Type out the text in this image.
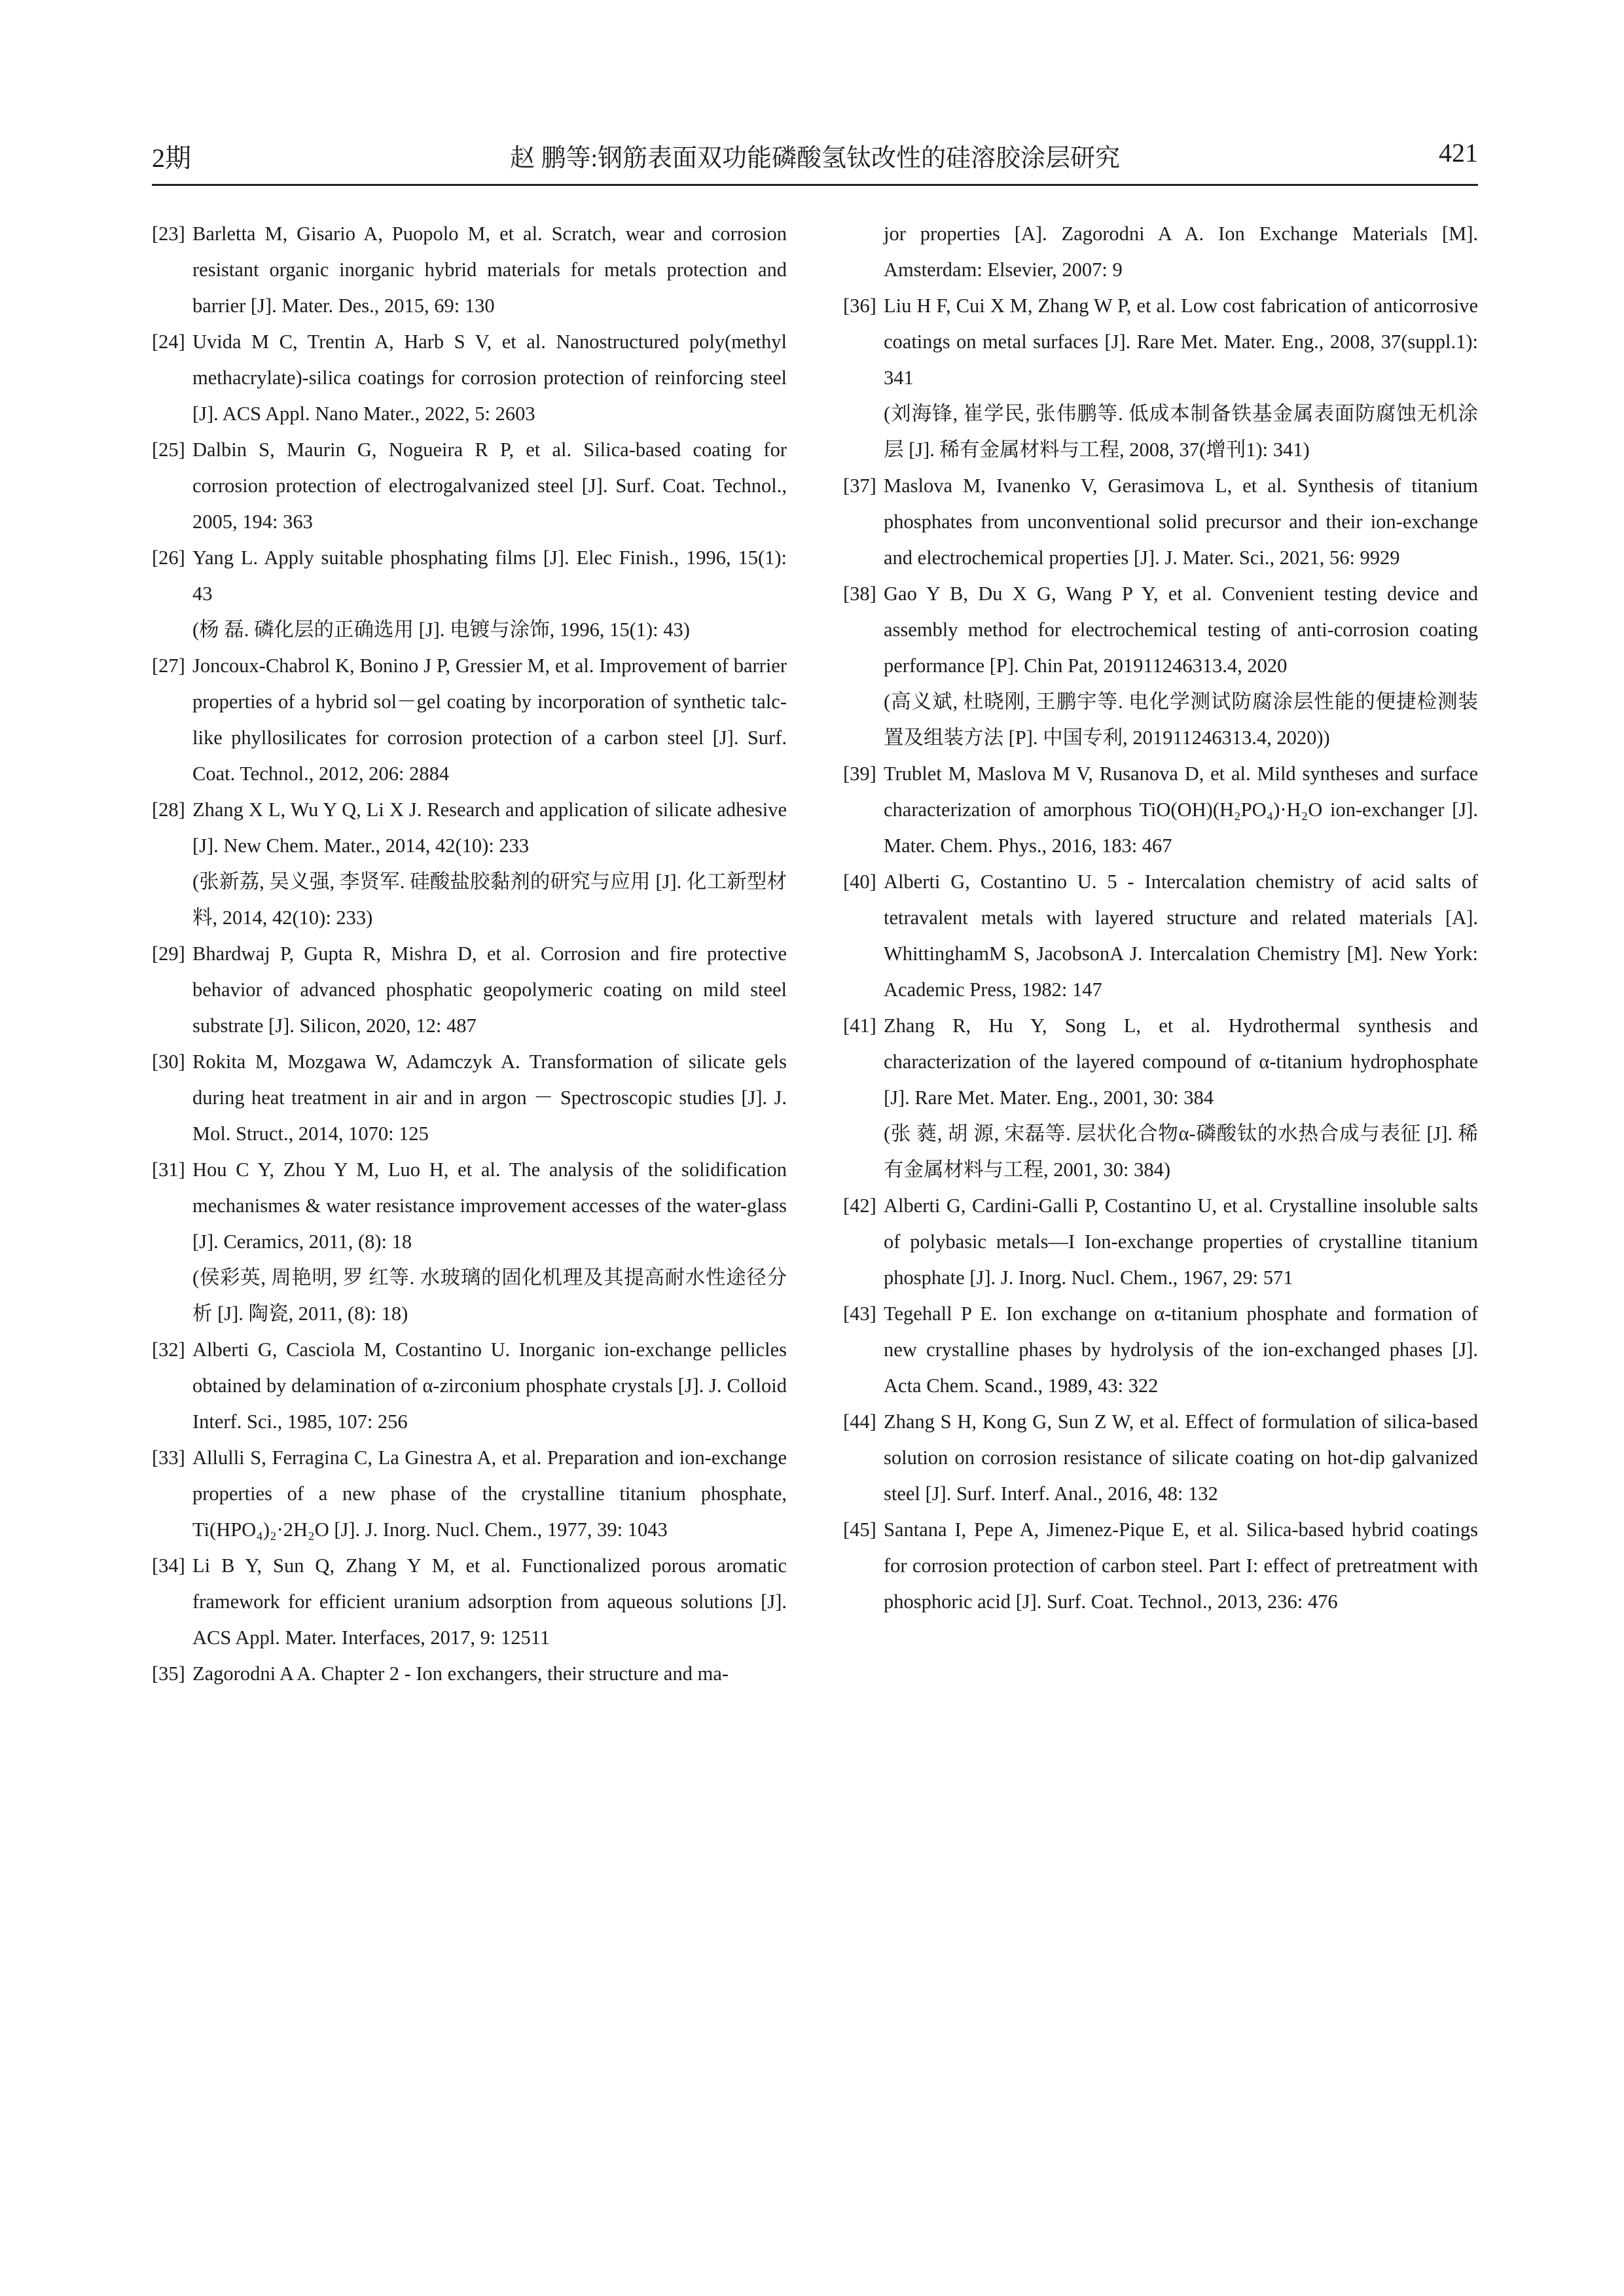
赵 鹏等:钢筋表面双功能磷酸氢钛改性的硅溶胶涂层研究
2期	421
[23] Barletta M, Gisario A, Puopolo M, et al. Scratch, wear and corrosion resistant organic inorganic hybrid materials for metals protection and barrier [J]. Mater. Des., 2015, 69: 130
[24] Uvida M C, Trentin A, Harb S V, et al. Nanostructured poly(methyl methacrylate)-silica coatings for corrosion protection of reinforcing steel [J]. ACS Appl. Nano Mater., 2022, 5: 2603
[25] Dalbin S, Maurin G, Nogueira R P, et al. Silica-based coating for corrosion protection of electrogalvanized steel [J]. Surf. Coat. Technol., 2005, 194: 363
[26] Yang L. Apply suitable phosphating films [J]. Elec Finish., 1996, 15(1): 43
(杨 磊. 磷化层的正确选用 [J]. 电镀与涂饰, 1996, 15(1): 43)
[27] Joncoux-Chabrol K, Bonino J P, Gressier M, et al. Improvement of barrier properties of a hybrid sol－gel coating by incorporation of synthetic talc-like phyllosilicates for corrosion protection of a carbon steel [J]. Surf. Coat. Technol., 2012, 206: 2884
[28] Zhang X L, Wu Y Q, Li X J. Research and application of silicate adhesive [J]. New Chem. Mater., 2014, 42(10): 233
(张新荔, 吴义强, 李贤军. 硅酸盐胶黏剂的研究与应用 [J]. 化工新型材料, 2014, 42(10): 233)
[29] Bhardwaj P, Gupta R, Mishra D, et al. Corrosion and fire protective behavior of advanced phosphatic geopolymeric coating on mild steel substrate [J]. Silicon, 2020, 12: 487
[30] Rokita M, Mozgawa W, Adamczyk A. Transformation of silicate gels during heat treatment in air and in argon － Spectroscopic studies [J]. J. Mol. Struct., 2014, 1070: 125
[31] Hou C Y, Zhou Y M, Luo H, et al. The analysis of the solidification mechanismes & water resistance improvement accesses of the water-glass [J]. Ceramics, 2011, (8): 18
(侯彩英, 周艳明, 罗 红等. 水玻璃的固化机理及其提高耐水性途径分析 [J]. 陶瓷, 2011, (8): 18)
[32] Alberti G, Casciola M, Costantino U. Inorganic ion-exchange pellicles obtained by delamination of α-zirconium phosphate crystals [J]. J. Colloid Interf. Sci., 1985, 107: 256
[33] Allulli S, Ferragina C, La Ginestra A, et al. Preparation and ion-exchange properties of a new phase of the crystalline titanium phosphate, Ti(HPO₄)₂·2H₂O [J]. J. Inorg. Nucl. Chem., 1977, 39: 1043
[34] Li B Y, Sun Q, Zhang Y M, et al. Functionalized porous aromatic framework for efficient uranium adsorption from aqueous solutions [J]. ACS Appl. Mater. Interfaces, 2017, 9: 12511
[35] Zagorodni A A. Chapter 2 - Ion exchangers, their structure and ma-
jor properties [A]. Zagorodni A A. Ion Exchange Materials [M]. Amsterdam: Elsevier, 2007: 9
[36] Liu H F, Cui X M, Zhang W P, et al. Low cost fabrication of anticorrosive coatings on metal surfaces [J]. Rare Met. Mater. Eng., 2008, 37(suppl.1): 341
(刘海锋, 崔学民, 张伟鹏等. 低成本制备铁基金属表面防腐蚀无机涂层 [J]. 稀有金属材料与工程, 2008, 37(增刊1): 341)
[37] Maslova M, Ivanenko V, Gerasimova L, et al. Synthesis of titanium phosphates from unconventional solid precursor and their ion-exchange and electrochemical properties [J]. J. Mater. Sci., 2021, 56: 9929
[38] Gao Y B, Du X G, Wang P Y, et al. Convenient testing device and assembly method for electrochemical testing of anti-corrosion coating performance [P]. Chin Pat, 201911246313.4, 2020
(高义斌, 杜晓刚, 王鹏宇等. 电化学测试防腐涂层性能的便捷检测装置及组装方法 [P]. 中国专利, 201911246313.4, 2020))
[39] Trublet M, Maslova M V, Rusanova D, et al. Mild syntheses and surface characterization of amorphous TiO(OH)(H₂PO₄)·H₂O ion-exchanger [J]. Mater. Chem. Phys., 2016, 183: 467
[40] Alberti G, Costantino U. 5 - Intercalation chemistry of acid salts of tetravalent metals with layered structure and related materials [A]. WhittinghamM S, JacobsonA J. Intercalation Chemistry [M]. New York: Academic Press, 1982: 147
[41] Zhang R, Hu Y, Song L, et al. Hydrothermal synthesis and characterization of the layered compound of α-titanium hydrophosphate [J]. Rare Met. Mater. Eng., 2001, 30: 384
(张 蕤, 胡 源, 宋磊等. 层状化合物α-磷酸钛的水热合成与表征 [J]. 稀有金属材料与工程, 2001, 30: 384)
[42] Alberti G, Cardini-Galli P, Costantino U, et al. Crystalline insoluble salts of polybasic metals—I Ion-exchange properties of crystalline titanium phosphate [J]. J. Inorg. Nucl. Chem., 1967, 29: 571
[43] Tegehall P E. Ion exchange on α-titanium phosphate and formation of new crystalline phases by hydrolysis of the ion-exchanged phases [J]. Acta Chem. Scand., 1989, 43: 322
[44] Zhang S H, Kong G, Sun Z W, et al. Effect of formulation of silica-based solution on corrosion resistance of silicate coating on hot-dip galvanized steel [J]. Surf. Interf. Anal., 2016, 48: 132
[45] Santana I, Pepe A, Jimenez-Pique E, et al. Silica-based hybrid coatings for corrosion protection of carbon steel. Part I: effect of pretreatment with phosphoric acid [J]. Surf. Coat. Technol., 2013, 236: 476
